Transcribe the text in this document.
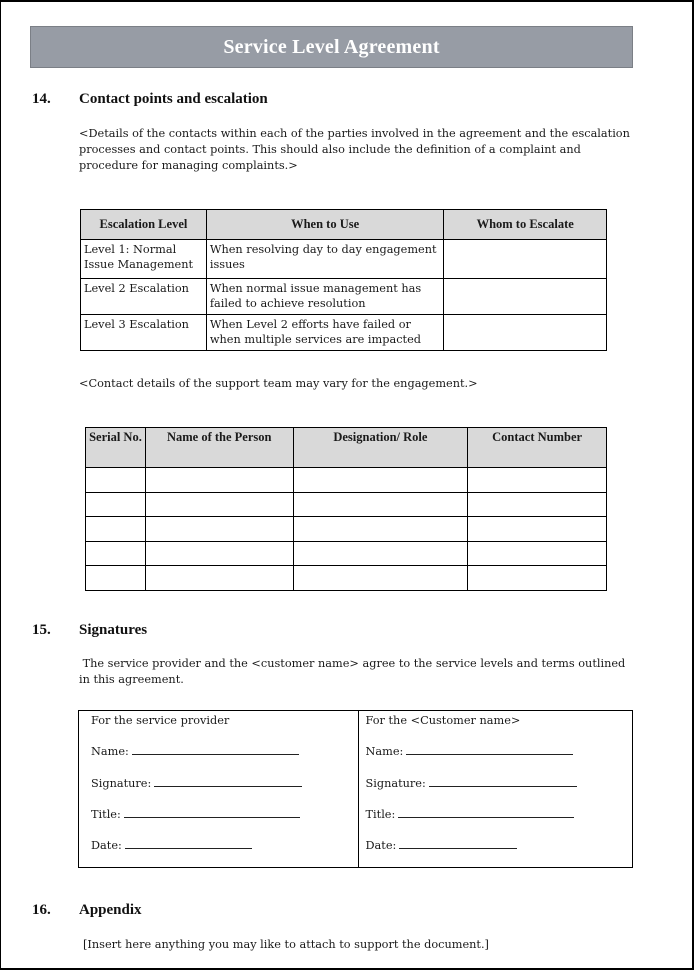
Service Level Agreement
14. Contact points and escalation

<Details of the contacts within each of the parties involved in the agreement and the escalation processes and contact points. This should also include the definition of a complaint and procedure for managing complaints.>

Escalation Level	When to Use	Whom to Escalate
Level 1: Normal Issue Management	When resolving day to day engagement issues	
Level 2 Escalation	When normal issue management has failed to achieve resolution	
Level 3 Escalation	When Level 2 efforts have failed or when multiple services are impacted	

<Contact details of the support team may vary for the engagement.>

Serial No.	Name of the Person	Designation/ Role	Contact Number

15. Signatures

The service provider and the <customer name> agree to the service levels and terms outlined in this agreement.

For the service provider
Name:
Signature:
Title:
Date:
For the <Customer name>
Name:
Signature:
Title:
Date:
16. Appendix

[Insert here anything you may like to attach to support the document.]
